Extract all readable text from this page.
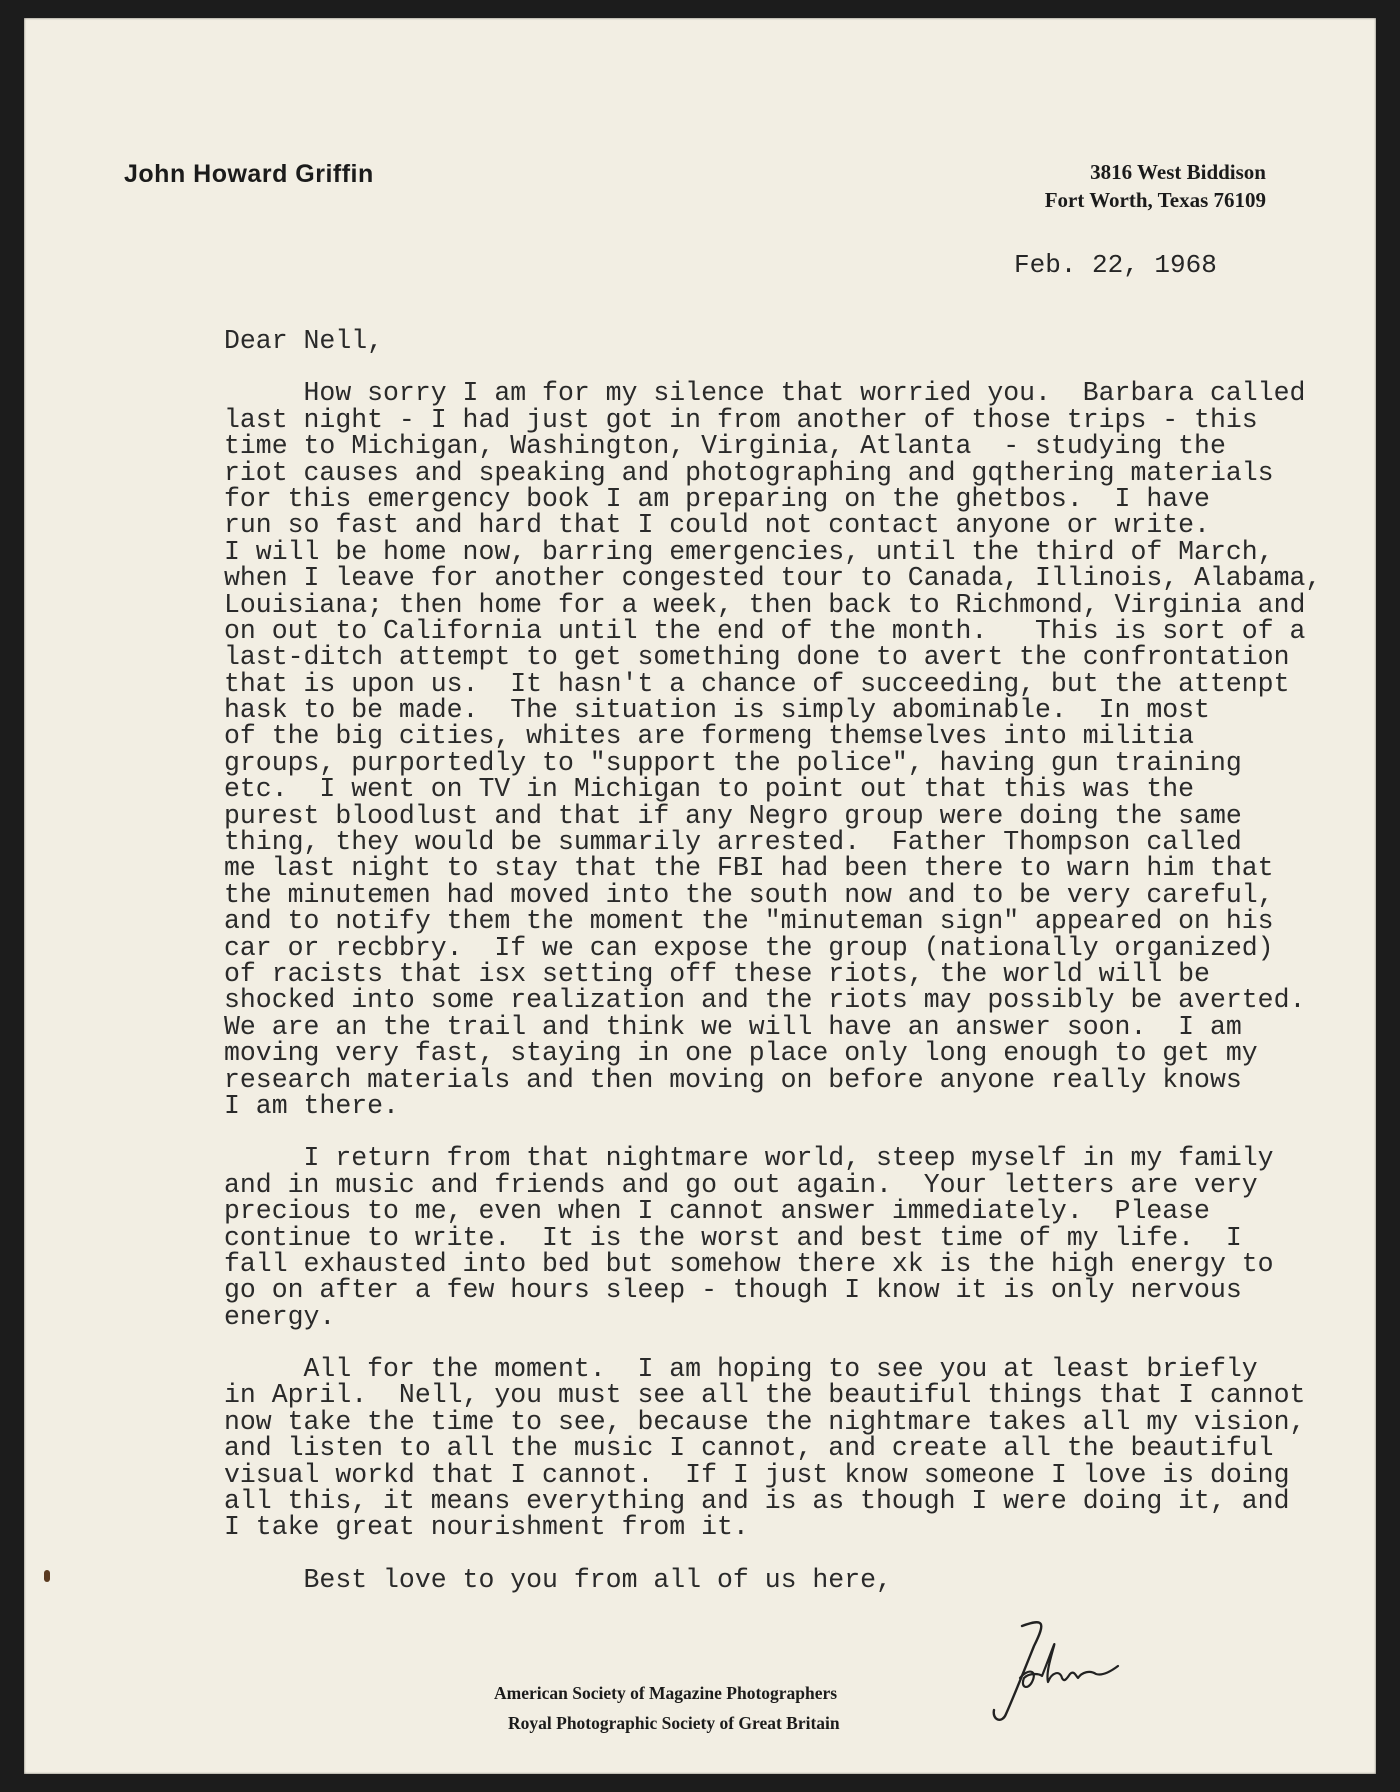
John Howard Griffin	3816 West Biddison
Fort Worth, Texas 76109
Feb. 22, 1968
Dear Nell,
How sorry I am for my silence that worried you.  Barbara called
last night - I had just got in from another of those trips - this
time to Michigan, Washington, Virginia, Atlanta  - studying the
riot causes and speaking and photographing and gqthering materials
for this emergency book I am preparing on the ghetbos.  I have
run so fast and hard that I could not contact anyone or write.
I will be home now, barring emergencies, until the third of March,
when I leave for another congested tour to Canada, Illinois, Alabama,
Louisiana; then home for a week, then back to Richmond, Virginia and
on out to California until the end of the month.   This is sort of a
last-ditch attempt to get something done to avert the confrontation
that is upon us.  It hasn't a chance of succeeding, but the attenpt
hask to be made.  The situation is simply abominable.  In most
of the big cities, whites are formeng themselves into militia
groups, purportedly to "support the police", having gun training
etc.  I went on TV in Michigan to point out that this was the
purest bloodlust and that if any Negro group were doing the same
thing, they would be summarily arrested.  Father Thompson called
me last night to stay that the FBI had been there to warn him that
the minutemen had moved into the south now and to be very careful,
and to notify them the moment the "minuteman sign" appeared on his
car or recbbry.  If we can expose the group (nationally organized)
of racists that isx setting off these riots, the world will be
shocked into some realization and the riots may possibly be averted.
We are an the trail and think we will have an answer soon.  I am
moving very fast, staying in one place only long enough to get my
research materials and then moving on before anyone really knows
I am there.
I return from that nightmare world, steep myself in my family
and in music and friends and go out again.  Your letters are very
precious to me, even when I cannot answer immediately.  Please
continue to write.  It is the worst and best time of my life.  I
fall exhausted into bed but somehow there xk is the high energy to
go on after a few hours sleep - though I know it is only nervous
energy.
All for the moment.  I am hoping to see you at least briefly
in April.  Nell, you must see all the beautiful things that I cannot
now take the time to see, because the nightmare takes all my vision,
and listen to all the music I cannot, and create all the beautiful
visual workd that I cannot.  If I just know someone I love is doing
all this, it means everything and is as though I were doing it, and
I take great nourishment from it.
Best love to you from all of us here,
American Society of Magazine Photographers
Royal Photographic Society of Great Britain
